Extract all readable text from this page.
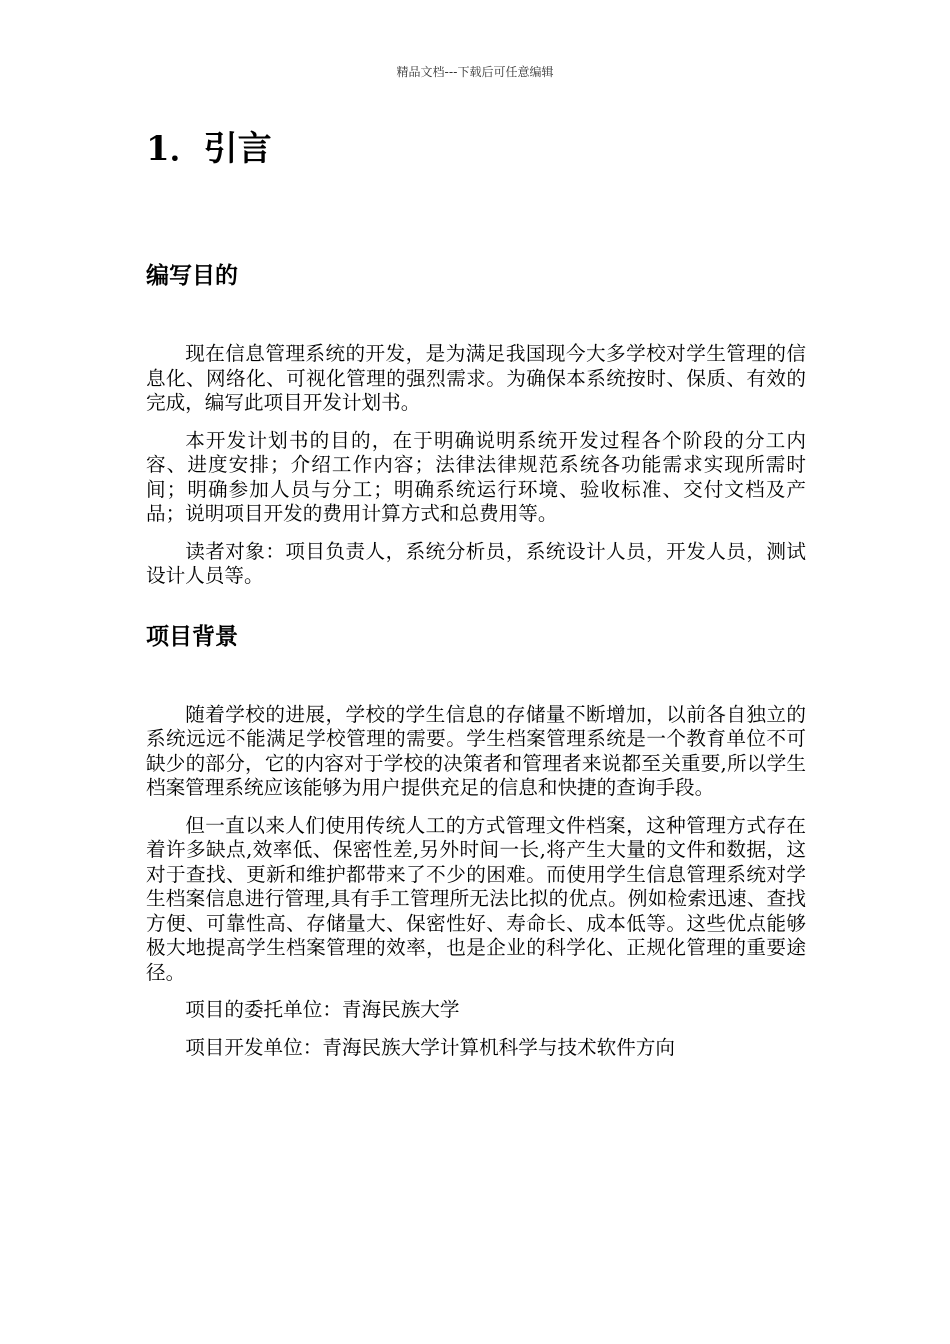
精品文档---下载后可任意编辑
1．引言
编写目的

现在信息管理系统的开发，是为满足我国现今大多学校对学生管理的信息化、网络化、可视化管理的强烈需求。为确保本系统按时、保质、有效的完成，编写此项目开发计划书。

本开发计划书的目的，在于明确说明系统开发过程各个阶段的分工内容、进度安排；介绍工作内容；法律法律规范系统各功能需求实现所需时间；明确参加人员与分工；明确系统运行环境、验收标准、交付文档及产品；说明项目开发的费用计算方式和总费用等。

读者对象：项目负责人，系统分析员，系统设计人员，开发人员，测试设计人员等。

项目背景

随着学校的进展，学校的学生信息的存储量不断增加，以前各自独立的系统远远不能满足学校管理的需要。学生档案管理系统是一个教育单位不可缺少的部分，它的内容对于学校的决策者和管理者来说都至关重要,所以学生档案管理系统应该能够为用户提供充足的信息和快捷的查询手段。

但一直以来人们使用传统人工的方式管理文件档案，这种管理方式存在着许多缺点,效率低、保密性差,另外时间一长,将产生大量的文件和数据，这对于查找、更新和维护都带来了不少的困难。而使用学生信息管理系统对学生档案信息进行管理,具有手工管理所无法比拟的优点。例如检索迅速、查找方便、可靠性高、存储量大、保密性好、寿命长、成本低等。这些优点能够极大地提高学生档案管理的效率，也是企业的科学化、正规化管理的重要途径。

项目的委托单位：青海民族大学

项目开发单位：青海民族大学计算机科学与技术软件方向
